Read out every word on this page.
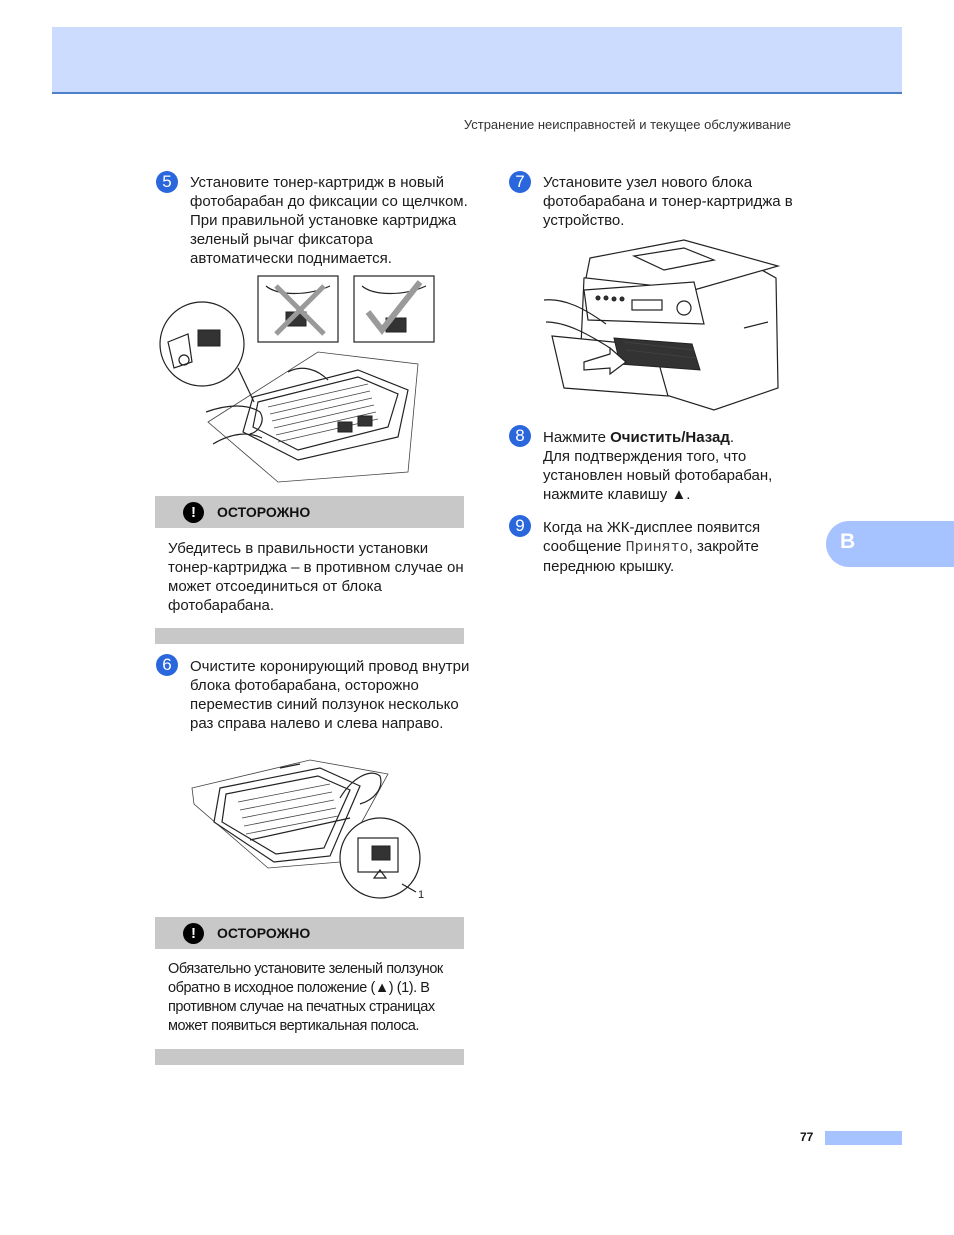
Устранение неисправностей и текущее обслуживание
5	Установите тонер-картридж в новый фотобарабан до фиксации со щелчком. При правильной установке картриджа зеленый рычаг фиксатора автоматически поднимается.
!	ОСТОРОЖНО
Убедитесь в правильности установки тонер-картриджа – в противном случае он может отсоединиться от блока фотобарабана.
6	Очистите коронирующий провод внутри блока фотобарабана, осторожно переместив синий ползунок несколько раз справа налево и слева направо.
1
!	ОСТОРОЖНО
Обязательно установите зеленый ползунок обратно в исходное положение (▲) (1). В противном случае на печатных страницах может появиться вертикальная полоса.
7	Установите узел нового блока фотобарабана и тонер-картриджа в устройство.
8	Нажмите Очистить/Назад.
Для подтверждения того, что установлен новый фотобарабан, нажмите клавишу ▲.
9	Когда на ЖК-дисплее появится сообщение Принято, закройте переднюю крышку.
B
77
